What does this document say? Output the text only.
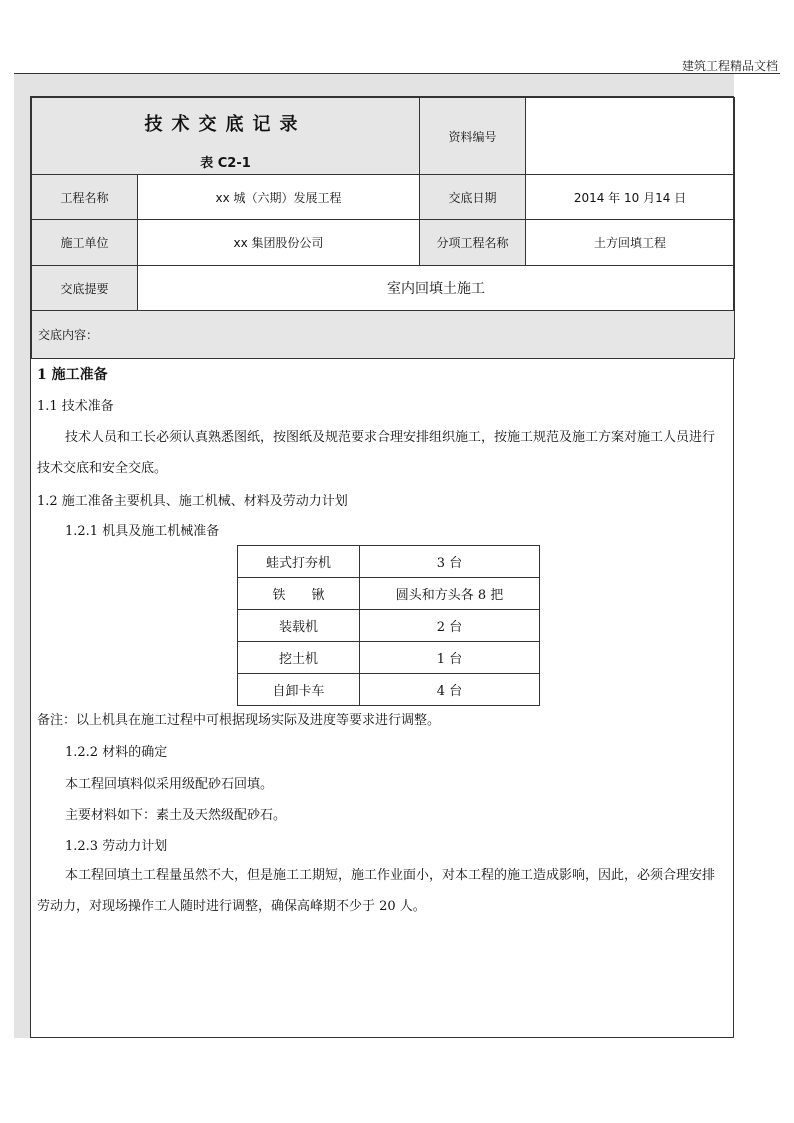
建筑工程精品文档
技术交底记录
表 C2-1		资料编号	
工程名称	xx 城（六期）发展工程	交底日期	2014 年 10 月14 日
施工单位	xx 集团股份公司	分项工程名称	土方回填工程
交底提要	室内回填土施工		
交底内容：			

1 施工准备

1.1 技术准备

技术人员和工长必须认真熟悉图纸，按图纸及规范要求合理安排组织施工，按施工规范及施工方案对施工人员进行技术交底和安全交底。

1.2 施工准备主要机具、施工机械、材料及劳动力计划

1.2.1 机具及施工机械准备

蛙式打夯机	3 台
铁　　锹	圆头和方头各 8 把
装载机	2 台
挖土机	1 台
自卸卡车	4 台

备注：以上机具在施工过程中可根据现场实际及进度等要求进行调整。

1.2.2 材料的确定

本工程回填料似采用级配砂石回填。

主要材料如下：素土及天然级配砂石。

1.2.3 劳动力计划

本工程回填土工程量虽然不大，但是施工工期短，施工作业面小，对本工程的施工造成影响，因此，必须合理安排劳动力，对现场操作工人随时进行调整，确保高峰期不少于 20 人。
